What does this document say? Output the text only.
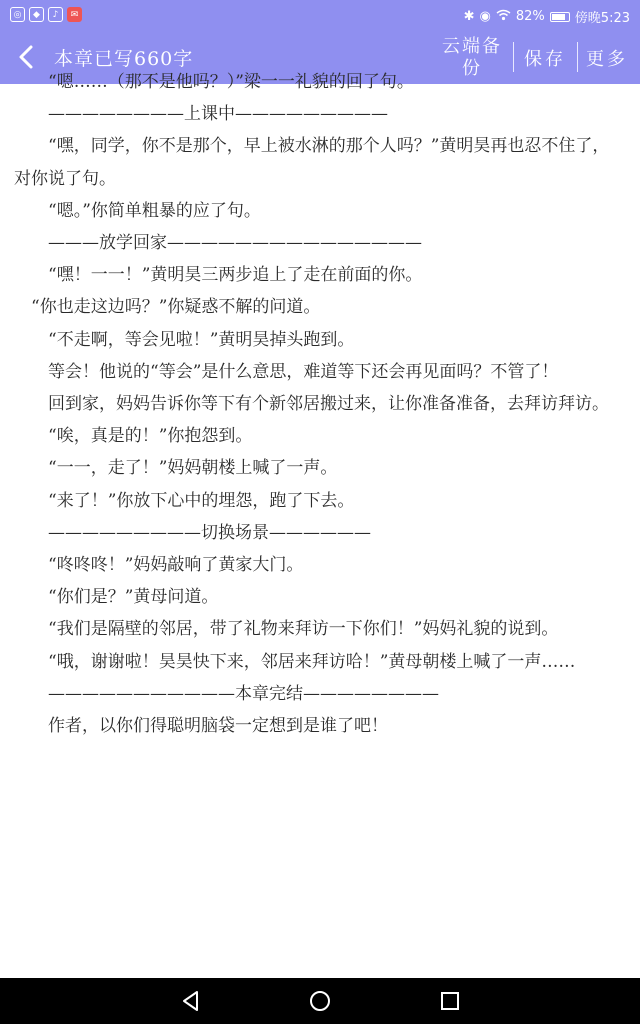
◎	◆	♪	✉	✱ ◉ 82% 傍晚5:23
本章已写660字
云端备份	保存 更多

“嗯……（那不是他吗？）”梁一一礼貌的回了句。

————————上课中—————————

“嘿，同学，你不是那个，早上被水淋的那个人吗？”黄明昊再也忍不住了，对你说了句。

“嗯。”你简单粗暴的应了句。

———放学回家———————————————

“嘿！一一！”黄明昊三两步追上了走在前面的你。

“你也走这边吗？”你疑惑不解的问道。

“不走啊，等会见啦！”黄明昊掉头跑到。

等会！他说的“等会”是什么意思，难道等下还会再见面吗？不管了！

回到家，妈妈告诉你等下有个新邻居搬过来，让你准备准备，去拜访拜访。

“唉，真是的！”你抱怨到。

“一一，走了！”妈妈朝楼上喊了一声。

“来了！”你放下心中的埋怨，跑了下去。

—————————切换场景——————

“咚咚咚！”妈妈敲响了黄家大门。

“你们是？”黄母问道。

“我们是隔壁的邻居，带了礼物来拜访一下你们！”妈妈礼貌的说到。

“哦，谢谢啦！昊昊快下来，邻居来拜访哈！”黄母朝楼上喊了一声……

———————————本章完结————————

作者，以你们得聪明脑袋一定想到是谁了吧！
